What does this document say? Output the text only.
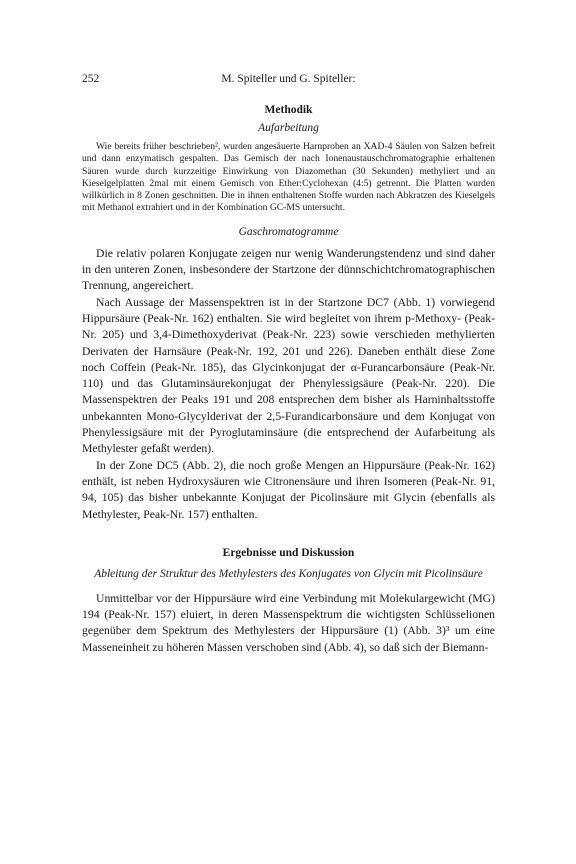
252	M. Spiteller und G. Spiteller:
Methodik
Aufarbeitung

Wie bereits früher beschrieben², wurden angesäuerte Harnproben an XAD-4 Säulen von Salzen befreit und dann enzymatisch gespalten. Das Gemisch der nach Ionenaustauschchromatographie erhaltenen Säuren wurde durch kurzzeitige Einwirkung von Diazomethan (30 Sekunden) methyliert und an Kieselgelplatten 2mal mit einem Gemisch von Ether:Cyclohexan (4:5) getrennt. Die Platten wurden willkürlich in 8 Zonen geschnitten. Die in ihnen enthaltenen Stoffe wurden nach Abkratzen des Kieselgels mit Methanol extrahiert und in der Kombination GC-MS untersucht.

Gaschromatogramme

Die relativ polaren Konjugate zeigen nur wenig Wanderungstendenz und sind daher in den unteren Zonen, insbesondere der Startzone der dünnschichtchromatographischen Trennung, angereichert.

Nach Aussage der Massenspektren ist in der Startzone DC7 (Abb. 1) vorwiegend Hippursäure (Peak-Nr. 162) enthalten. Sie wird begleitet von ihrem p-Methoxy- (Peak-Nr. 205) und 3,4-Dimethoxyderivat (Peak-Nr. 223) sowie verschieden methylierten Derivaten der Harnsäure (Peak-Nr. 192, 201 und 226). Daneben enthält diese Zone noch Coffein (Peak-Nr. 185), das Glycinkonjugat der α-Furancarbonsäure (Peak-Nr. 110) und das Glutaminsäurekonjugat der Phenylessigsäure (Peak-Nr. 220). Die Massenspektren der Peaks 191 und 208 entsprechen dem bisher als Harninhaltsstoffe unbekannten Mono-Glycylderivat der 2,5-Furandicarbonsäure und dem Konjugat von Phenylessigsäure mit der Pyroglutaminsäure (die entsprechend der Aufarbeitung als Methylester gefaßt werden).

In der Zone DC5 (Abb. 2), die noch große Mengen an Hippursäure (Peak-Nr. 162) enthält, ist neben Hydroxysäuren wie Citronensäure und ihren Isomeren (Peak-Nr. 91, 94, 105) das bisher unbekannte Konjugat der Picolinsäure mit Glycin (ebenfalls als Methylester, Peak-Nr. 157) enthalten.

Ergebnisse und Diskussion
Ableitung der Struktur des Methylesters des Konjugates von Glycin mit Picolinsäure

Unmittelbar vor der Hippursäure wird eine Verbindung mit Molekulargewicht (MG) 194 (Peak-Nr. 157) eluiert, in deren Massenspektrum die wichtigsten Schlüsselionen gegenüber dem Spektrum des Methylesters der Hippursäure (1) (Abb. 3)³ um eine Masseneinheit zu höheren Massen verschoben sind (Abb. 4), so daß sich der Biemann-
